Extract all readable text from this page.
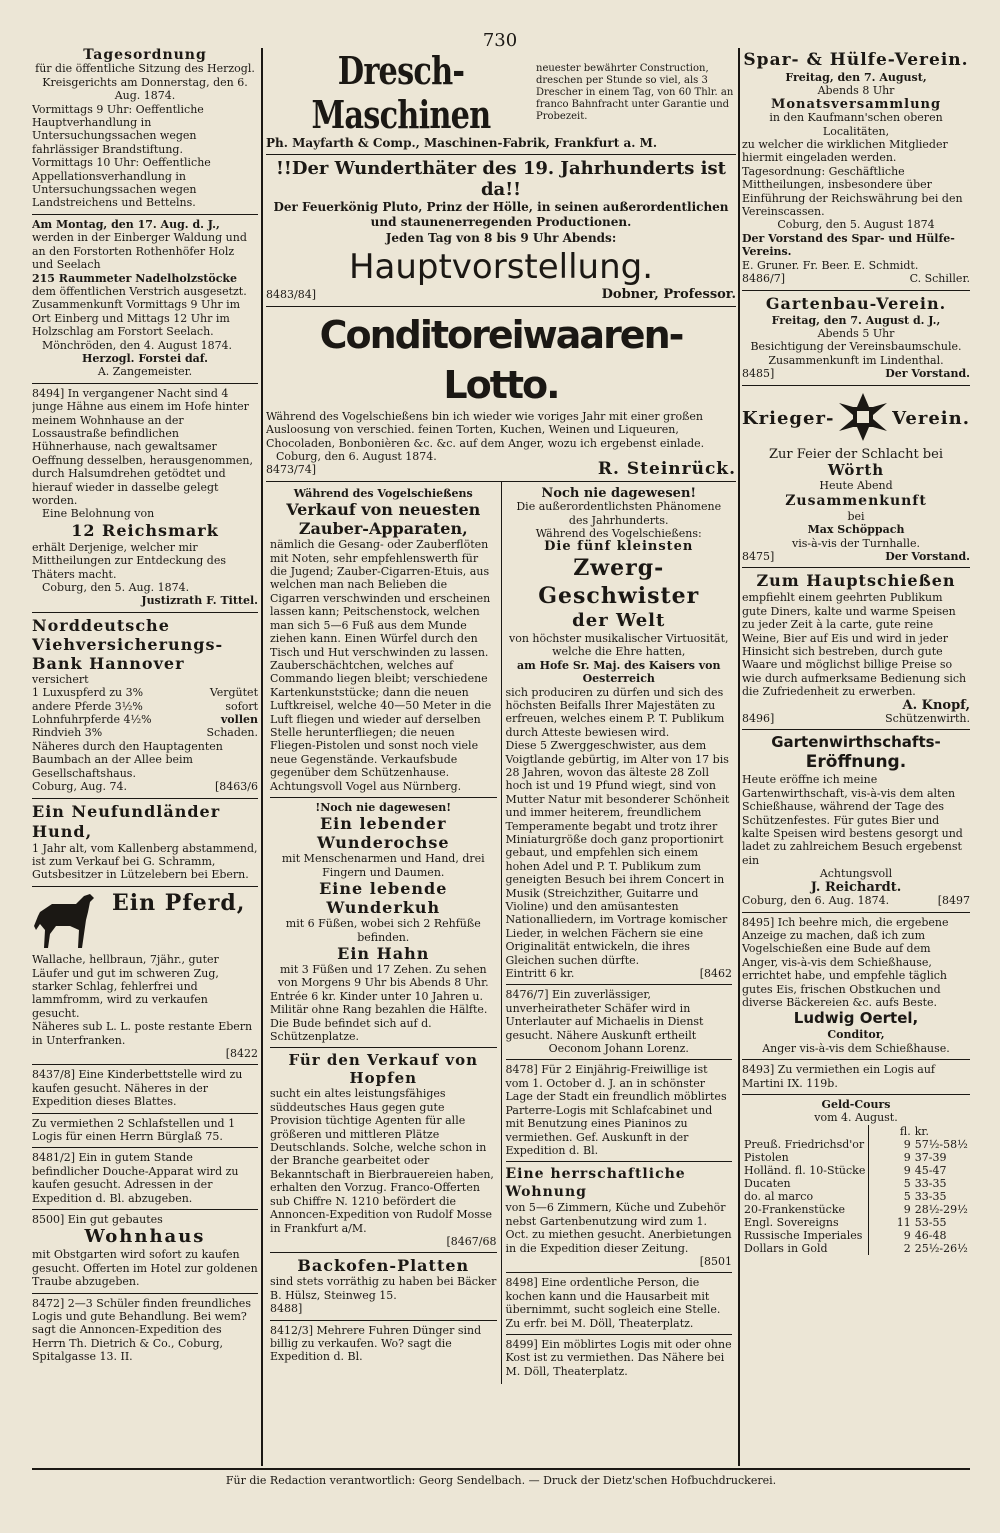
730

Tagesordnung

für die öffentliche Sitzung des Herzogl. Kreisgerichts am Donnerstag, den 6. Aug. 1874.

Vormittags 9 Uhr: Oeffentliche Hauptverhandlung in Untersuchungssachen wegen fahrlässiger Brandstiftung.

Vormittags 10 Uhr: Oeffentliche Appellationsverhandlung in Untersuchungssachen wegen Landstreichens und Bettelns.

Am Montag, den 17. Aug. d. J.,

werden in der Einberger Waldung und an den Forstorten Rothenhöfer Holz und Seelach

215 Raummeter Nadelholzstöcke

dem öffentlichen Verstrich ausgesetzt. Zusammenkunft Vormittags 9 Uhr im Ort Einberg und Mittags 12 Uhr im Holzschlag am Forstort Seelach.

Mönchröden, den 4. August 1874.

Herzogl. Forstei daf.

A. Zangemeister.

8494] In vergangener Nacht sind 4 junge Hähne aus einem im Hofe hinter meinem Wohnhause an der Lossaustraße befindlichen Hühnerhause, nach gewaltsamer Oeffnung desselben, herausgenommen, durch Halsumdrehen getödtet und hierauf wieder in dasselbe gelegt worden.

Eine Belohnung von

12 Reichsmark

erhält Derjenige, welcher mir Mittheilungen zur Entdeckung des Thäters macht.

Coburg, den 5. Aug. 1874.

Justizrath F. Tittel.

Norddeutsche Viehversicherungs-Bank Hannover

versichert

1 Luxuspferd zu 3%	Vergütet
andere Pferde 3½%	sofort
Lohnfuhrpferde 4½%	vollen
Rindvieh 3%	Schaden.

Näheres durch den Hauptagenten Baumbach an der Allee beim Gesellschaftshaus.

Coburg, Aug. 74.	[8463/6

Ein Neufundländer Hund,

1 Jahr alt, vom Kallenberg abstammend, ist zum Verkauf bei G. Schramm, Gutsbesitzer in Lützelebern bei Ebern.

Ein Pferd,

Wallache, hellbraun, 7jähr., guter Läufer und gut im schweren Zug, starker Schlag, fehlerfrei und lammfromm, wird zu verkaufen gesucht.

Näheres sub L. L. poste restante Ebern in Unterfranken.

[8422

8437/8] Eine Kinderbettstelle wird zu kaufen gesucht. Näheres in der Expedition dieses Blattes.

Zu vermiethen 2 Schlafstellen und 1 Logis für einen Herrn Bürglaß 75.

8481/2] Ein in gutem Stande befindlicher Douche-Apparat wird zu kaufen gesucht. Adressen in der Expedition d. Bl. abzugeben.

8500] Ein gut gebautes

Wohnhaus

mit Obstgarten wird sofort zu kaufen gesucht. Offerten im Hotel zur goldenen Traube abzugeben.

8472] 2—3 Schüler finden freundliches Logis und gute Behandlung. Bei wem? sagt die Annoncen-Expedition des Herrn Th. Dietrich & Co., Coburg, Spitalgasse 13. II.

Dresch-Maschinen

neuester bewährter Construction, dreschen per Stunde so viel, als 3 Drescher in einem Tag, von 60 Thlr. an franco Bahnfracht unter Garantie und Probezeit.

Ph. Mayfarth & Comp., Maschinen-Fabrik, Frankfurt a. M.

!!Der Wunderthäter des 19. Jahrhunderts ist da!!

Der Feuerkönig Pluto, Prinz der Hölle, in seinen außerordentlichen und staunenerregenden Productionen.

Jeden Tag von 8 bis 9 Uhr Abends:

Hauptvorstellung.

8483/84]	Dobner, Professor.

Conditoreiwaaren-Lotto.

Während des Vogelschießens bin ich wieder wie voriges Jahr mit einer großen Ausloosung von verschied. feinen Torten, Kuchen, Weinen und Liqueuren, Chocoladen, Bonbonièren &c. &c. auf dem Anger, wozu ich ergebenst einlade.

Coburg, den 6. August 1874.

8473/74]	R. Steinrück.

Während des Vogelschießens

Verkauf von neuesten Zauber-Apparaten,

nämlich die Gesang- oder Zauberflöten mit Noten, sehr empfehlenswerth für die Jugend; Zauber-Cigarren-Etuis, aus welchen man nach Belieben die Cigarren verschwinden und erscheinen lassen kann; Peitschenstock, welchen man sich 5—6 Fuß aus dem Munde ziehen kann. Einen Würfel durch den Tisch und Hut verschwinden zu lassen. Zauberschächtchen, welches auf Commando liegen bleibt; verschiedene Kartenkunststücke; dann die neuen Luftkreisel, welche 40—50 Meter in die Luft fliegen und wieder auf derselben Stelle herunterfliegen; die neuen Fliegen-Pistolen und sonst noch viele neue Gegenstände. Verkaufsbude gegenüber dem Schützenhause.

Achtungsvoll Vogel aus Nürnberg.

!Noch nie dagewesen!

Ein lebender Wunderochse

mit Menschenarmen und Hand, drei Fingern und Daumen.

Eine lebende Wunderkuh

mit 6 Füßen, wobei sich 2 Rehfüße befinden.

Ein Hahn

mit 3 Füßen und 17 Zehen. Zu sehen von Morgens 9 Uhr bis Abends 8 Uhr.

Entrée 6 kr. Kinder unter 10 Jahren u. Militär ohne Rang bezahlen die Hälfte. Die Bude befindet sich auf d. Schützenplatze.

Für den Verkauf von Hopfen

sucht ein altes leistungsfähiges süddeutsches Haus gegen gute Provision tüchtige Agenten für alle größeren und mittleren Plätze Deutschlands. Solche, welche schon in der Branche gearbeitet oder Bekanntschaft in Bierbrauereien haben, erhalten den Vorzug. Franco-Offerten sub Chiffre N. 1210 befördert die Annoncen-Expedition von Rudolf Mosse in Frankfurt a/M.

[8467/68

Backofen-Platten

sind stets vorräthig zu haben bei Bäcker B. Hülsz, Steinweg 15.

8488]

8412/3] Mehrere Fuhren Dünger sind billig zu verkaufen. Wo? sagt die Expedition d. Bl.

Noch nie dagewesen!

Die außerordentlichsten Phänomene des Jahrhunderts.

Während des Vogelschießens:

Die fünf kleinsten

Zwerg-Geschwister

der Welt

von höchster musikalischer Virtuosität, welche die Ehre hatten,

am Hofe Sr. Maj. des Kaisers von Oesterreich

sich produciren zu dürfen und sich des höchsten Beifalls Ihrer Majestäten zu erfreuen, welches einem P. T. Publikum durch Atteste bewiesen wird.

Diese 5 Zwerggeschwister, aus dem Voigtlande gebürtig, im Alter von 17 bis 28 Jahren, wovon das älteste 28 Zoll hoch ist und 19 Pfund wiegt, sind von Mutter Natur mit besonderer Schönheit und immer heiterem, freundlichem Temperamente begabt und trotz ihrer Miniaturgröße doch ganz proportionirt gebaut, und empfehlen sich einem hohen Adel und P. T. Publikum zum geneigten Besuch bei ihrem Concert in Musik (Streichzither, Guitarre und Violine) und den amüsantesten Nationalliedern, im Vortrage komischer Lieder, in welchen Fächern sie eine Originalität entwickeln, die ihres Gleichen suchen dürfte.

Eintritt 6 kr.	[8462

8476/7] Ein zuverlässiger, unverheiratheter Schäfer wird in Unterlauter auf Michaelis in Dienst gesucht. Nähere Auskunft ertheilt

Oeconom Johann Lorenz.

8478] Für 2 Einjährig-Freiwillige ist vom 1. October d. J. an in schönster Lage der Stadt ein freundlich möblirtes Parterre-Logis mit Schlafcabinet und mit Benutzung eines Pianinos zu vermiethen. Gef. Auskunft in der Expedition d. Bl.

Eine herrschaftliche Wohnung

von 5—6 Zimmern, Küche und Zubehör nebst Gartenbenutzung wird zum 1. Oct. zu miethen gesucht. Anerbietungen in die Expedition dieser Zeitung.

[8501

8498] Eine ordentliche Person, die kochen kann und die Hausarbeit mit übernimmt, sucht sogleich eine Stelle. Zu erfr. bei M. Döll, Theaterplatz.

8499] Ein möblirtes Logis mit oder ohne Kost ist zu vermiethen. Das Nähere bei M. Döll, Theaterplatz.

Spar- & Hülfe-Verein.

Freitag, den 7. August,

Abends 8 Uhr

Monatsversammlung

in den Kaufmann'schen oberen Localitäten,

zu welcher die wirklichen Mitglieder hiermit eingeladen werden.

Tagesordnung: Geschäftliche Mittheilungen, insbesondere über Einführung der Reichswährung bei den Vereinscassen.

Coburg, den 5. August 1874

Der Vorstand des Spar- und Hülfe-Vereins.

E. Gruner. Fr. Beer. E. Schmidt.

8486/7]	C. Schiller.

Gartenbau-Verein.

Freitag, den 7. August d. J.,

Abends 5 Uhr

Besichtigung der Vereinsbaumschule. Zusammenkunft im Lindenthal.

8485]	Der Vorstand.
Krieger-	Verein.

Zur Feier der Schlacht bei

Wörth

Heute Abend

Zusammenkunft

bei

Max Schöppach

vis-à-vis der Turnhalle.

8475]	Der Vorstand.

Zum Hauptschießen

empfiehlt einem geehrten Publikum gute Diners, kalte und warme Speisen zu jeder Zeit à la carte, gute reine Weine, Bier auf Eis und wird in jeder Hinsicht sich bestreben, durch gute Waare und möglichst billige Preise so wie durch aufmerksame Bedienung sich die Zufriedenheit zu erwerben.

A. Knopf,

8496]	Schützenwirth.

Gartenwirthschafts-

Eröffnung.

Heute eröffne ich meine Gartenwirthschaft, vis-à-vis dem alten Schießhause, während der Tage des Schützenfestes. Für gutes Bier und kalte Speisen wird bestens gesorgt und ladet zu zahlreichem Besuch ergebenst ein

Achtungsvoll

J. Reichardt.

Coburg, den 6. Aug. 1874.	[8497

8495] Ich beehre mich, die ergebene Anzeige zu machen, daß ich zum Vogelschießen eine Bude auf dem Anger, vis-à-vis dem Schießhause, errichtet habe, und empfehle täglich gutes Eis, frischen Obstkuchen und diverse Bäckereien &c. aufs Beste.

Ludwig Oertel,

Conditor,

Anger vis-à-vis dem Schießhause.

8493] Zu vermiethen ein Logis auf Martini IX. 119b.

Geld-Cours

vom 4. August.

	fl.	kr.
Preuß. Friedrichsd'or	9	57½-58½
Pistolen	9	37-39
Holländ. fl. 10-Stücke	9	45-47
Ducaten	5	33-35
do. al marco	5	33-35
20-Frankenstücke	9	28½-29½
Engl. Sovereigns	11	53-55
Russische Imperiales	9	46-48
Dollars in Gold	2	25½-26½
Für die Redaction verantwortlich: Georg Sendelbach. — Druck der Dietz'schen Hofbuchdruckerei.
